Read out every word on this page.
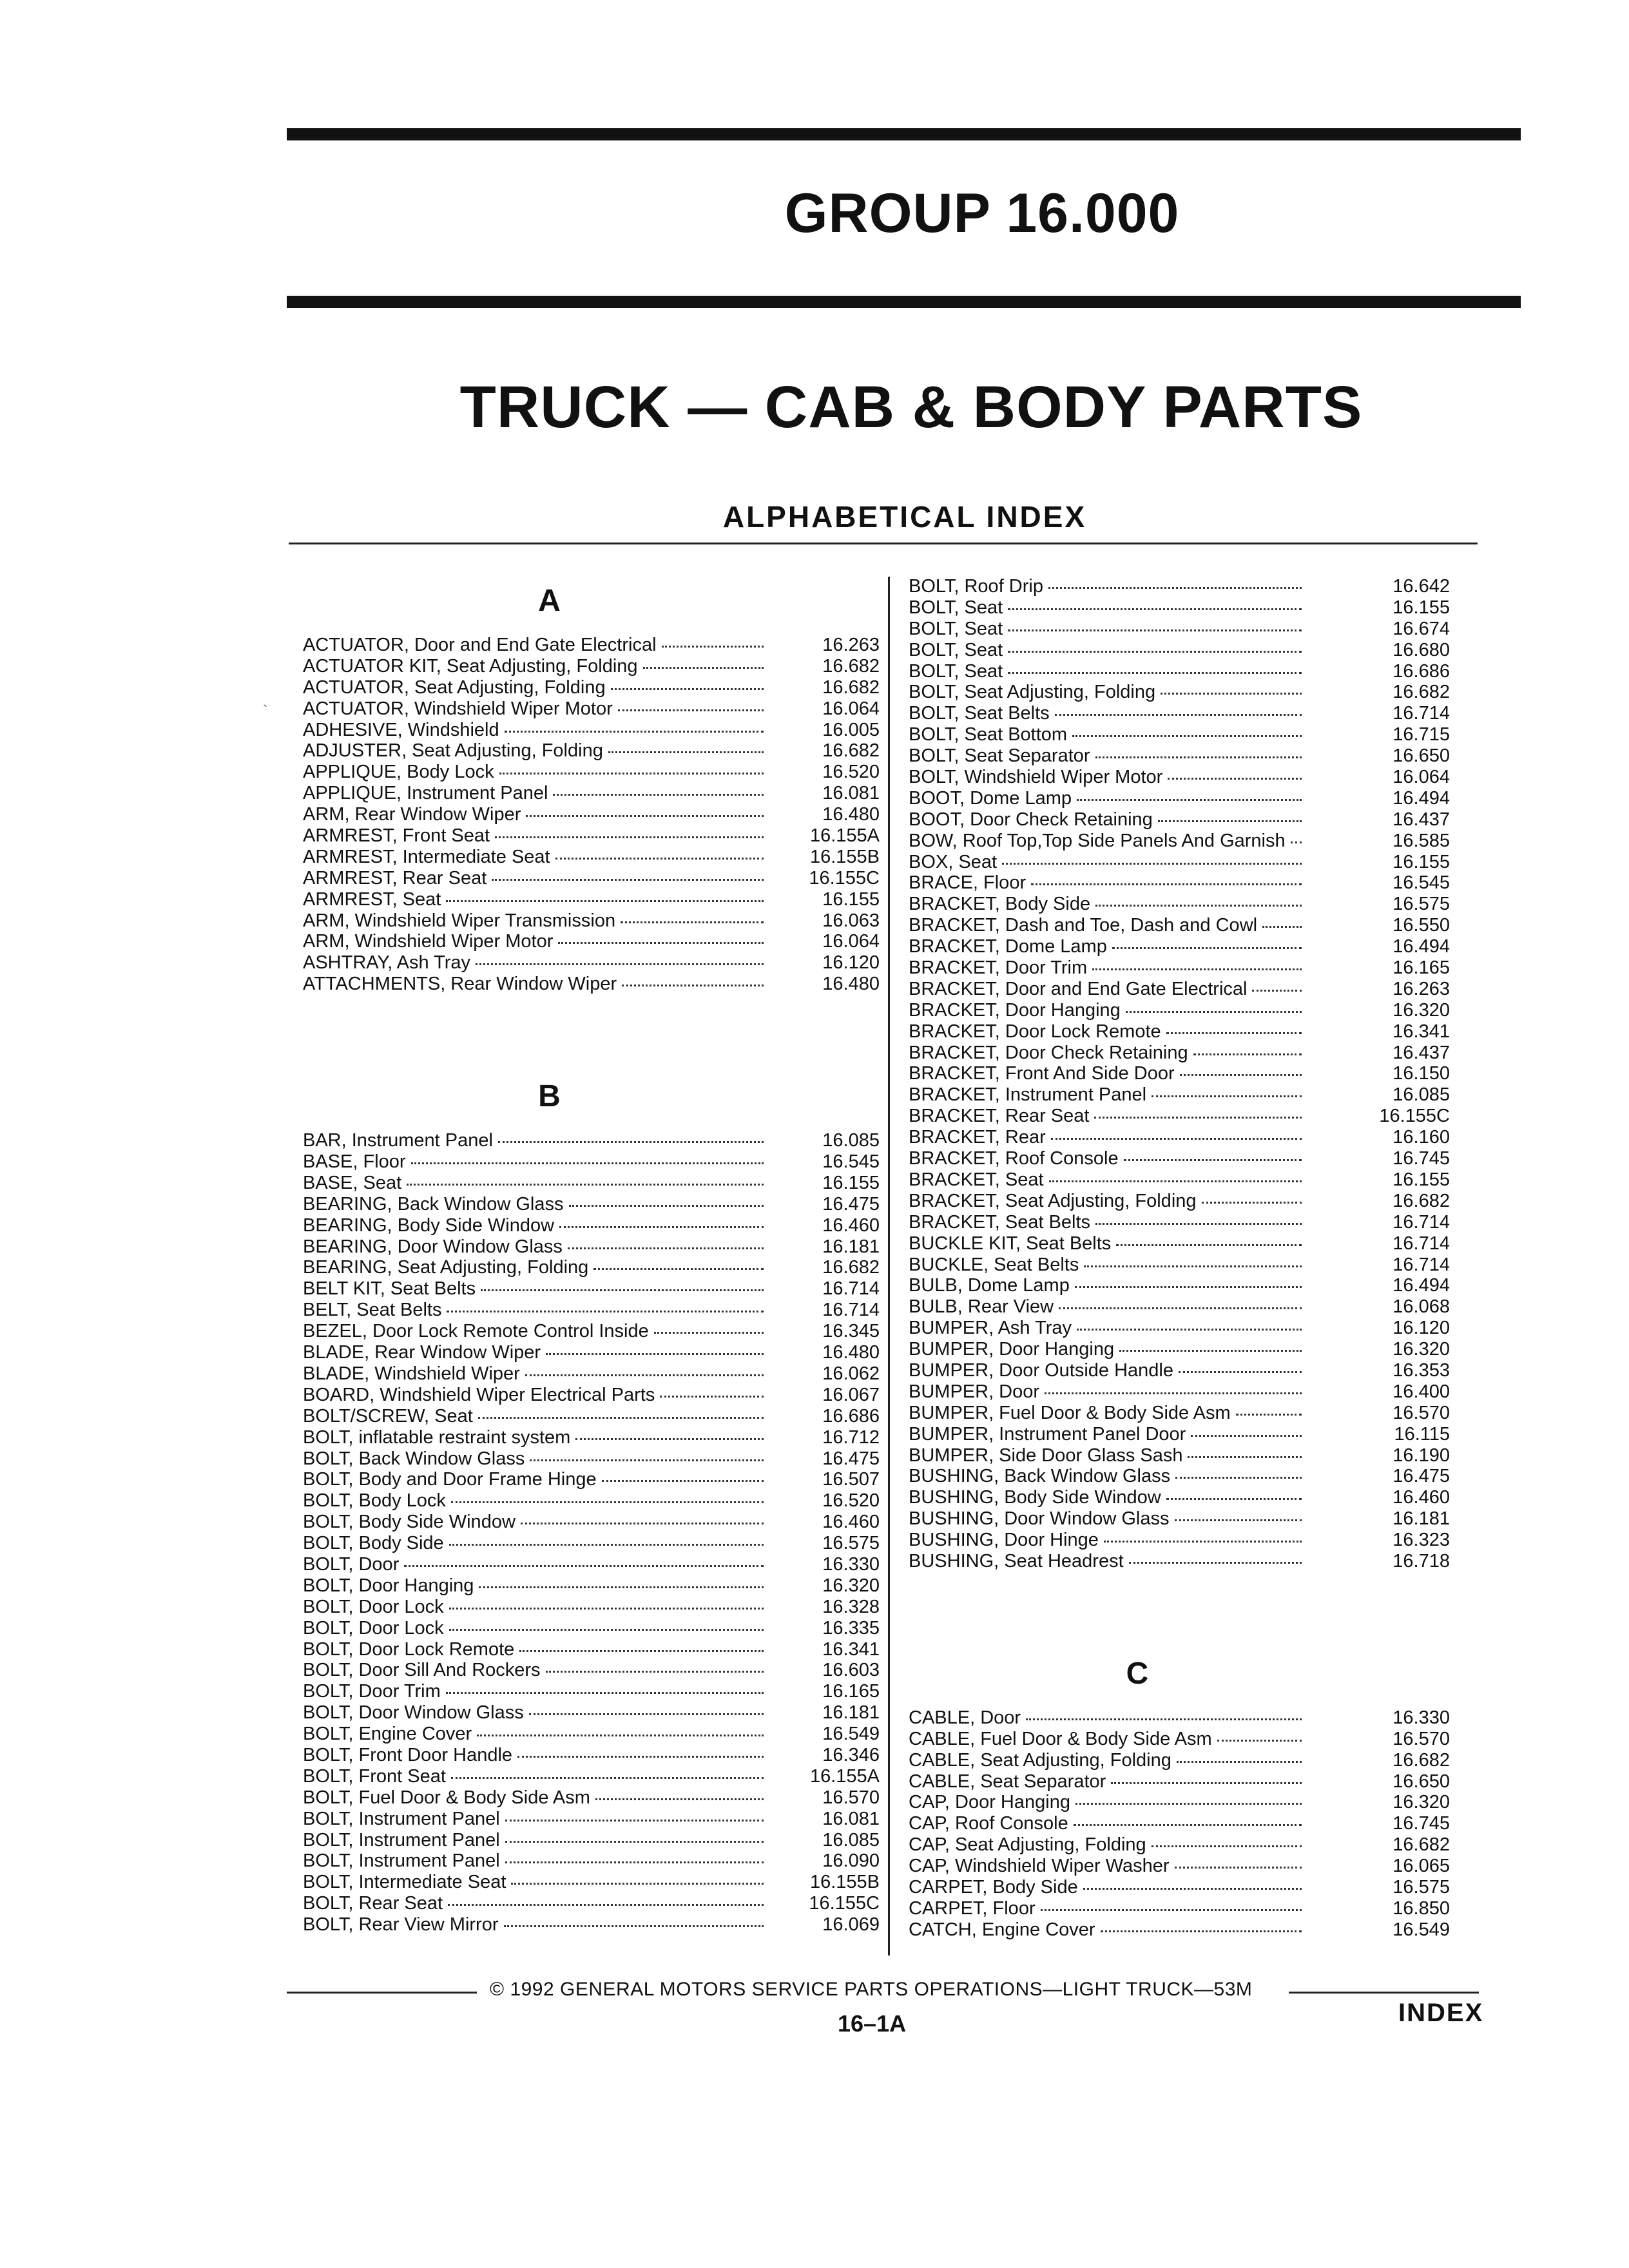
GROUP 16.000
TRUCK — CAB & BODY PARTS
ALPHABETICAL INDEX
`
A
ACTUATOR, Door and End Gate Electrical	16.263
ACTUATOR KIT, Seat Adjusting, Folding	16.682
ACTUATOR, Seat Adjusting, Folding	16.682
ACTUATOR, Windshield Wiper Motor	16.064
ADHESIVE, Windshield	16.005
ADJUSTER, Seat Adjusting, Folding	16.682
APPLIQUE, Body Lock	16.520
APPLIQUE, Instrument Panel	16.081
ARM, Rear Window Wiper	16.480
ARMREST, Front Seat	16.155A
ARMREST, Intermediate Seat	16.155B
ARMREST, Rear Seat	16.155C
ARMREST, Seat	16.155
ARM, Windshield Wiper Transmission	16.063
ARM, Windshield Wiper Motor	16.064
ASHTRAY, Ash Tray	16.120
ATTACHMENTS, Rear Window Wiper	16.480
B
BAR, Instrument Panel	16.085
BASE, Floor	16.545
BASE, Seat	16.155
BEARING, Back Window Glass	16.475
BEARING, Body Side Window	16.460
BEARING, Door Window Glass	16.181
BEARING, Seat Adjusting, Folding	16.682
BELT KIT, Seat Belts	16.714
BELT, Seat Belts	16.714
BEZEL, Door Lock Remote Control Inside	16.345
BLADE, Rear Window Wiper	16.480
BLADE, Windshield Wiper	16.062
BOARD, Windshield Wiper Electrical Parts	16.067
BOLT/SCREW, Seat	16.686
BOLT, inflatable restraint system	16.712
BOLT, Back Window Glass	16.475
BOLT, Body and Door Frame Hinge	16.507
BOLT, Body Lock	16.520
BOLT, Body Side Window	16.460
BOLT, Body Side	16.575
BOLT, Door	16.330
BOLT, Door Hanging	16.320
BOLT, Door Lock	16.328
BOLT, Door Lock	16.335
BOLT, Door Lock Remote	16.341
BOLT, Door Sill And Rockers	16.603
BOLT, Door Trim	16.165
BOLT, Door Window Glass	16.181
BOLT, Engine Cover	16.549
BOLT, Front Door Handle	16.346
BOLT, Front Seat	16.155A
BOLT, Fuel Door & Body Side Asm	16.570
BOLT, Instrument Panel	16.081
BOLT, Instrument Panel	16.085
BOLT, Instrument Panel	16.090
BOLT, Intermediate Seat	16.155B
BOLT, Rear Seat	16.155C
BOLT, Rear View Mirror	16.069
BOLT, Roof Drip	16.642
BOLT, Seat	16.155
BOLT, Seat	16.674
BOLT, Seat	16.680
BOLT, Seat	16.686
BOLT, Seat Adjusting, Folding	16.682
BOLT, Seat Belts	16.714
BOLT, Seat Bottom	16.715
BOLT, Seat Separator	16.650
BOLT, Windshield Wiper Motor	16.064
BOOT, Dome Lamp	16.494
BOOT, Door Check Retaining	16.437
BOW, Roof Top,Top Side Panels And Garnish	16.585
BOX, Seat	16.155
BRACE, Floor	16.545
BRACKET, Body Side	16.575
BRACKET, Dash and Toe, Dash and Cowl	16.550
BRACKET, Dome Lamp	16.494
BRACKET, Door Trim	16.165
BRACKET, Door and End Gate Electrical	16.263
BRACKET, Door Hanging	16.320
BRACKET, Door Lock Remote	16.341
BRACKET, Door Check Retaining	16.437
BRACKET, Front And Side Door	16.150
BRACKET, Instrument Panel	16.085
BRACKET, Rear Seat	16.155C
BRACKET, Rear	16.160
BRACKET, Roof Console	16.745
BRACKET, Seat	16.155
BRACKET, Seat Adjusting, Folding	16.682
BRACKET, Seat Belts	16.714
BUCKLE KIT, Seat Belts	16.714
BUCKLE, Seat Belts	16.714
BULB, Dome Lamp	16.494
BULB, Rear View	16.068
BUMPER, Ash Tray	16.120
BUMPER, Door Hanging	16.320
BUMPER, Door Outside Handle	16.353
BUMPER, Door	16.400
BUMPER, Fuel Door & Body Side Asm	16.570
BUMPER, Instrument Panel Door	16.115
BUMPER, Side Door Glass Sash	16.190
BUSHING, Back Window Glass	16.475
BUSHING, Body Side Window	16.460
BUSHING, Door Window Glass	16.181
BUSHING, Door Hinge	16.323
BUSHING, Seat Headrest	16.718
C
CABLE, Door	16.330
CABLE, Fuel Door & Body Side Asm	16.570
CABLE, Seat Adjusting, Folding	16.682
CABLE, Seat Separator	16.650
CAP, Door Hanging	16.320
CAP, Roof Console	16.745
CAP, Seat Adjusting, Folding	16.682
CAP, Windshield Wiper Washer	16.065
CARPET, Body Side	16.575
CARPET, Floor	16.850
CATCH, Engine Cover	16.549
© 1992 GENERAL MOTORS SERVICE PARTS OPERATIONS—LIGHT TRUCK—53M
16–1A	INDEX
